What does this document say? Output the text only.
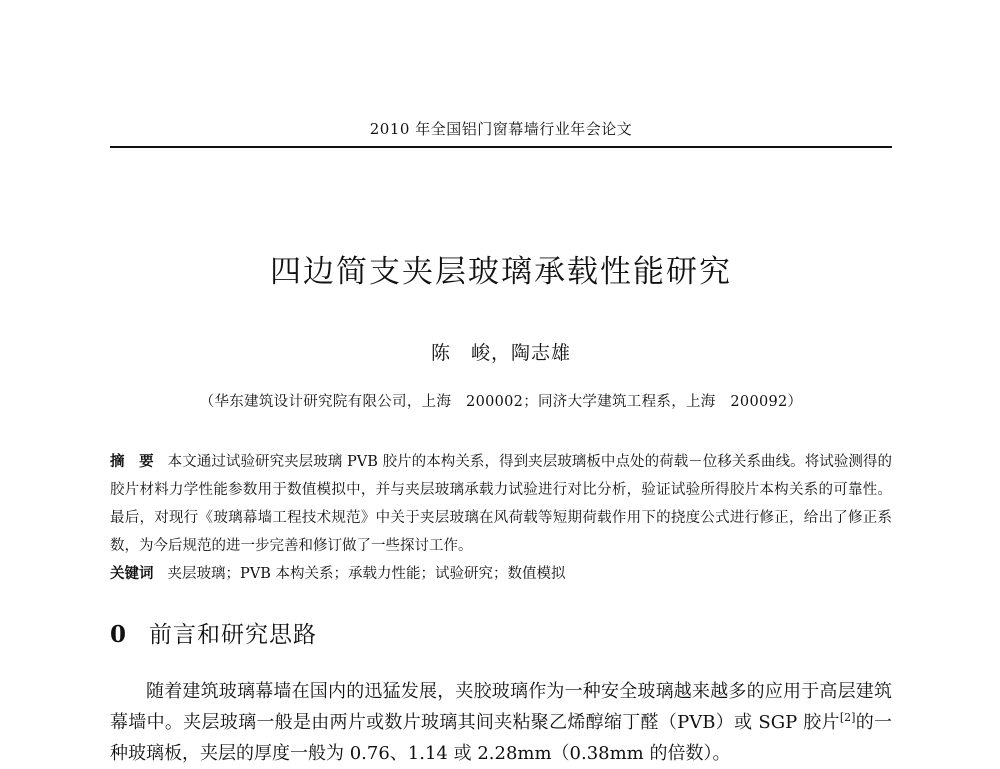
2010 年全国铝门窗幕墙行业年会论文
四边简支夹层玻璃承载性能研究
陈　峻，陶志雄
（华东建筑设计研究院有限公司，上海　200002；同济大学建筑工程系，上海　200092）
摘　要 本文通过试验研究夹层玻璃 PVB 胶片的本构关系，得到夹层玻璃板中点处的荷载－位移关系曲线。将试验测得的胶片材料力学性能参数用于数值模拟中，并与夹层玻璃承载力试验进行对比分析，验证试验所得胶片本构关系的可靠性。最后，对现行《玻璃幕墙工程技术规范》中关于夹层玻璃在风荷载等短期荷载作用下的挠度公式进行修正，给出了修正系数，为今后规范的进一步完善和修订做了一些探讨工作。
关键词 夹层玻璃；PVB 本构关系；承载力性能；试验研究；数值模拟
0 前言和研究思路

随着建筑玻璃幕墙在国内的迅猛发展，夹胶玻璃作为一种安全玻璃越来越多的应用于高层建筑幕墙中。夹层玻璃一般是由两片或数片玻璃其间夹粘聚乙烯醇缩丁醛（PVB）或 SGP 胶片[2]的一种玻璃板，夹层的厚度一般为 0.76、1.14 或 2.28mm（0.38mm 的倍数）。
